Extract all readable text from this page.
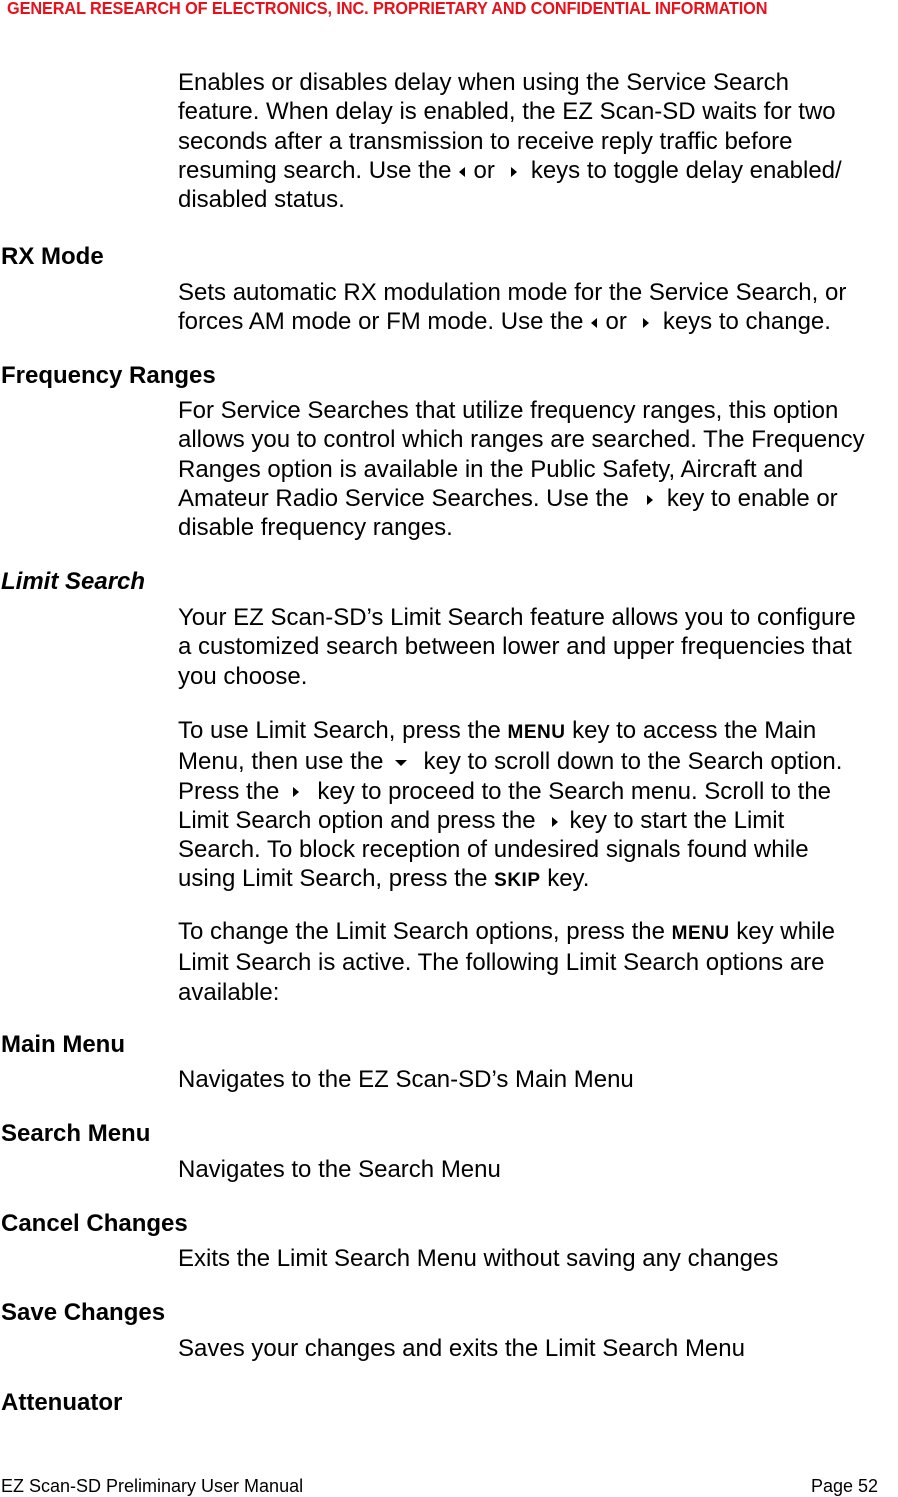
GENERAL RESEARCH OF ELECTRONICS, INC. PROPRIETARY AND CONFIDENTIAL INFORMATION
Enables or disables delay when using the Service Search
feature. When delay is enabled, the EZ Scan-SD waits for two
seconds after a transmission to receive reply traffic before
resuming search. Use the or keys to toggle delay enabled/
disabled status.
RX Mode
Sets automatic RX modulation mode for the Service Search, or
forces AM mode or FM mode. Use the or keys to change.
Frequency Ranges
For Service Searches that utilize frequency ranges, this option
allows you to control which ranges are searched. The Frequency
Ranges option is available in the Public Safety, Aircraft and
Amateur Radio Service Searches. Use the key to enable or
disable frequency ranges.
Limit Search
Your EZ Scan-SD’s Limit Search feature allows you to configure
a customized search between lower and upper frequencies that
you choose.
To use Limit Search, press the MENU key to access the Main
Menu, then use the key to scroll down to the Search option.
Press the key to proceed to the Search menu. Scroll to the
Limit Search option and press the key to start the Limit
Search. To block reception of undesired signals found while
using Limit Search, press the SKIP key.
To change the Limit Search options, press the MENU key while
Limit Search is active. The following Limit Search options are
available:
Main Menu
Navigates to the EZ Scan-SD’s Main Menu
Search Menu
Navigates to the Search Menu
Cancel Changes
Exits the Limit Search Menu without saving any changes
Save Changes
Saves your changes and exits the Limit Search Menu
Attenuator
EZ Scan-SD Preliminary User Manual	Page 52
